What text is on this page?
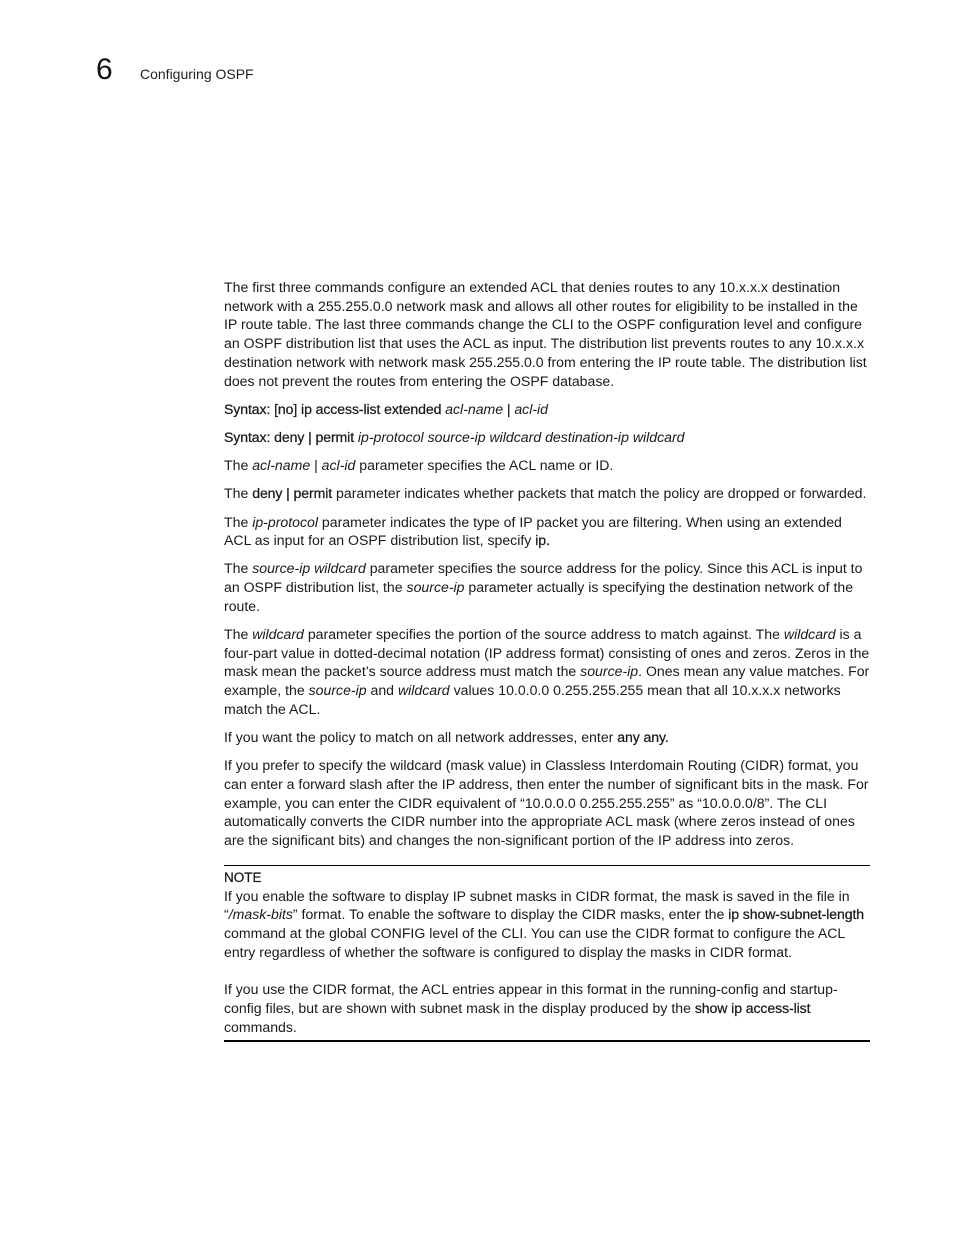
6 Configuring OSPF

The first three commands configure an extended ACL that denies routes to any 10.x.x.x destination network with a 255.255.0.0 network mask and allows all other routes for eligibility to be installed in the IP route table. The last three commands change the CLI to the OSPF configuration level and configure an OSPF distribution list that uses the ACL as input. The distribution list prevents routes to any 10.x.x.x destination network with network mask 255.255.0.0 from entering the IP route table. The distribution list does not prevent the routes from entering the OSPF database.

Syntax: [no] ip access-list extended acl-name | acl-id

Syntax: deny | permit ip-protocol source-ip wildcard destination-ip wildcard

The acl-name | acl-id parameter specifies the ACL name or ID.

The deny | permit parameter indicates whether packets that match the policy are dropped or forwarded.

The ip-protocol parameter indicates the type of IP packet you are filtering. When using an extended ACL as input for an OSPF distribution list, specify ip.

The source-ip wildcard parameter specifies the source address for the policy. Since this ACL is input to an OSPF distribution list, the source-ip parameter actually is specifying the destination network of the route.

The wildcard parameter specifies the portion of the source address to match against. The wildcard is a four-part value in dotted-decimal notation (IP address format) consisting of ones and zeros. Zeros in the mask mean the packet’s source address must match the source-ip. Ones mean any value matches. For example, the source-ip and wildcard values 10.0.0.0 0.255.255.255 mean that all 10.x.x.x networks match the ACL.

If you want the policy to match on all network addresses, enter any any.

If you prefer to specify the wildcard (mask value) in Classless Interdomain Routing (CIDR) format, you can enter a forward slash after the IP address, then enter the number of significant bits in the mask. For example, you can enter the CIDR equivalent of “10.0.0.0 0.255.255.255” as “10.0.0.0/8”. The CLI automatically converts the CIDR number into the appropriate ACL mask (where zeros instead of ones are the significant bits) and changes the non-significant portion of the IP address into zeros.

NOTE

If you enable the software to display IP subnet masks in CIDR format, the mask is saved in the file in “/mask-bits” format. To enable the software to display the CIDR masks, enter the ip show-subnet-length command at the global CONFIG level of the CLI. You can use the CIDR format to configure the ACL entry regardless of whether the software is configured to display the masks in CIDR format.

If you use the CIDR format, the ACL entries appear in this format in the running-config and startup-config files, but are shown with subnet mask in the display produced by the show ip access-list commands.
